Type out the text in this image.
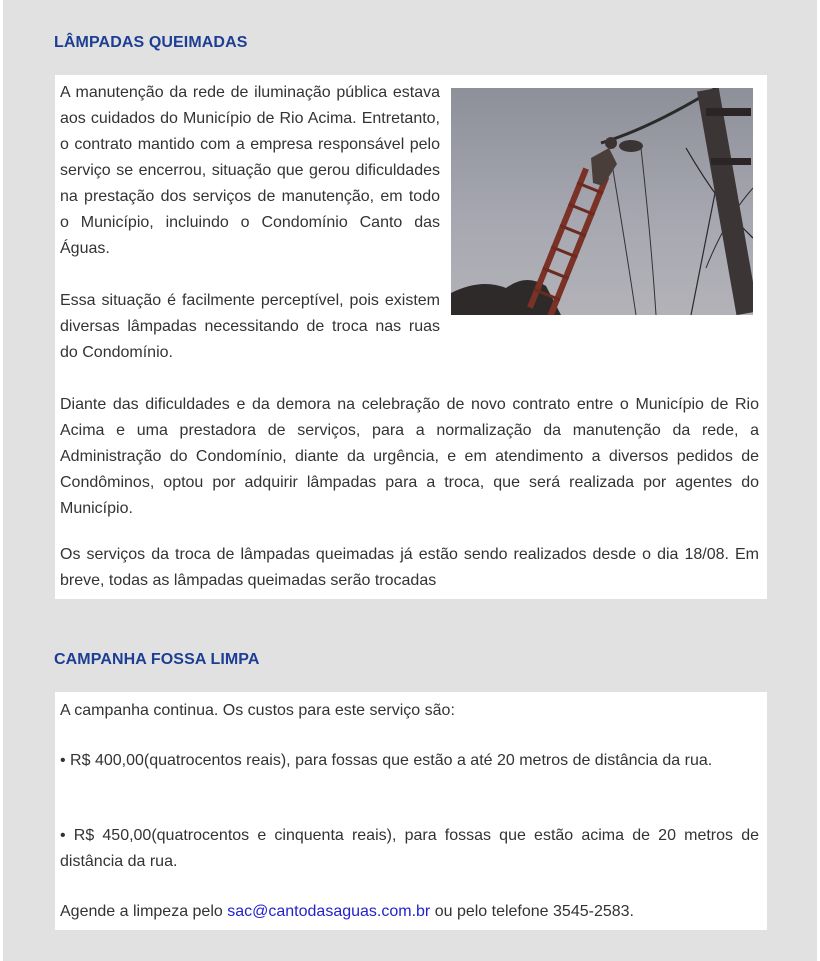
LÂMPADAS QUEIMADAS

A manutenção da rede de iluminação pública estava aos cuidados do Município de Rio Acima. Entretanto, o contrato mantido com a empresa responsável pelo serviço se encerrou, situação que gerou dificuldades na prestação dos serviços de manutenção, em todo o Município, incluindo o Condomínio Canto das Águas.

Essa situação é facilmente perceptível, pois existem diversas lâmpadas necessitando de troca nas ruas do Condomínio.

Diante das dificuldades e da demora na celebração de novo contrato entre o Município de Rio Acima e uma prestadora de serviços, para a normalização da manutenção da rede, a Administração do Condomínio, diante da urgência, e em atendimento a diversos pedidos de Condôminos, optou por adquirir lâmpadas para a troca, que será realizada por agentes do Município.

Os serviços da troca de lâmpadas queimadas já estão sendo realizados desde o dia 18/08. Em breve, todas as lâmpadas queimadas serão trocadas

CAMPANHA FOSSA LIMPA

A campanha continua. Os custos para este serviço são:

• R$ 400,00(quatrocentos reais), para fossas que estão a até 20 metros de distância da rua.

• R$ 450,00(quatrocentos e cinquenta reais), para fossas que estão acima de 20 metros de distância da rua.

Agende a limpeza pelo sac@cantodasaguas.com.br ou pelo telefone 3545-2583.
